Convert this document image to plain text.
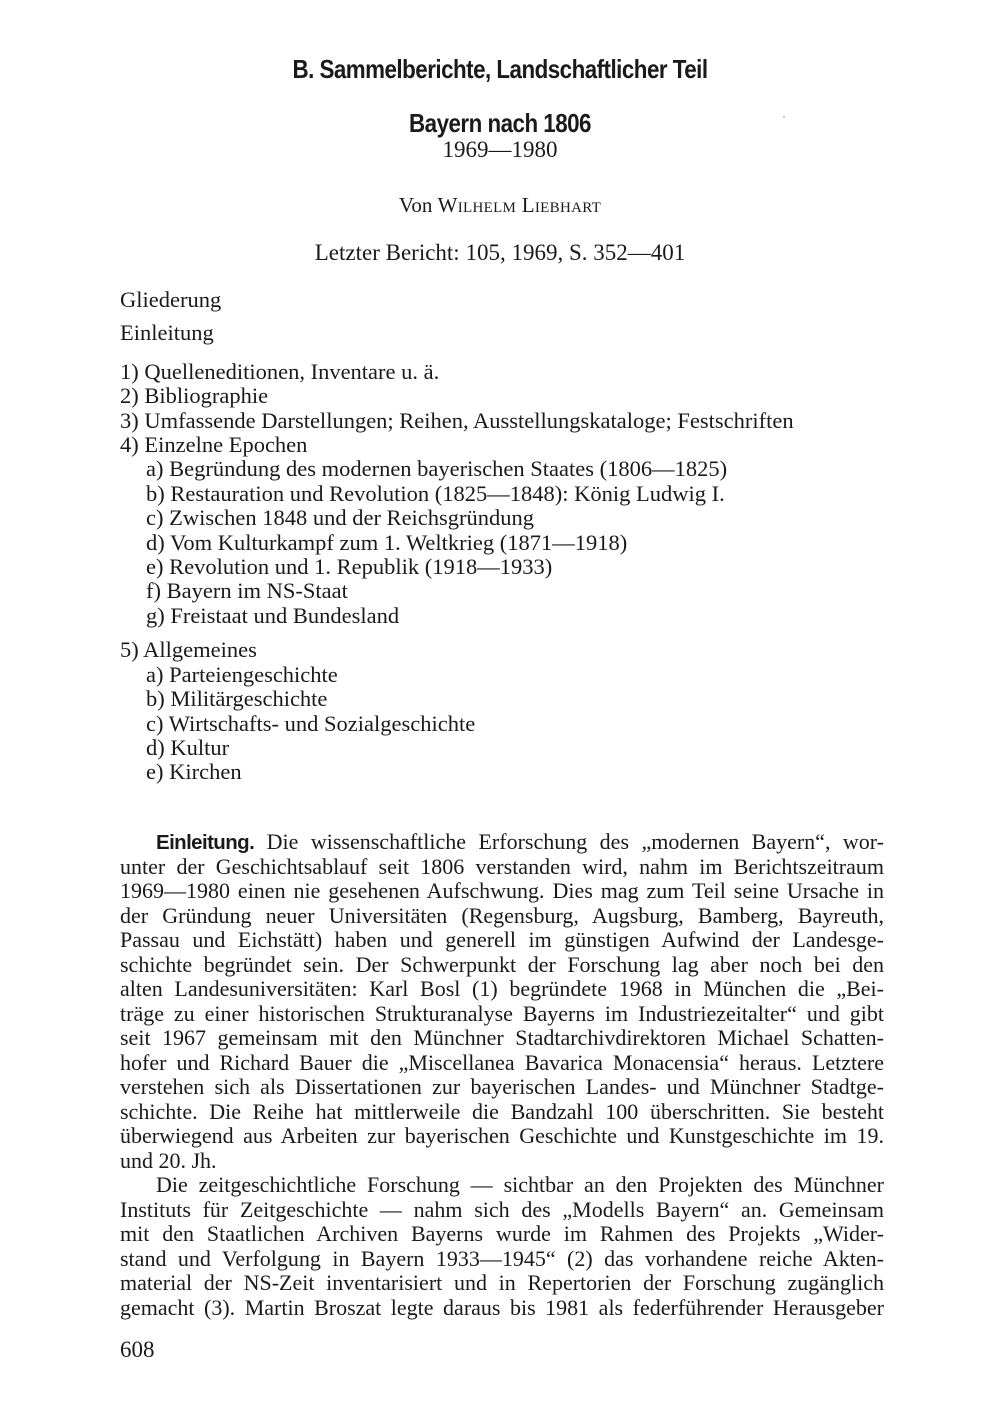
B. Sammelberichte, Landschaftlicher Teil
Bayern nach 1806
1969—1980
Von Wilhelm Liebhart
Letzter Bericht: 105, 1969, S. 352—401
Gliederung
Einleitung
1) Quelleneditionen, Inventare u. ä.
2) Bibliographie
3) Umfassende Darstellungen; Reihen, Ausstellungskataloge; Festschriften
4) Einzelne Epochen
a) Begründung des modernen bayerischen Staates (1806—1825)
b) Restauration und Revolution (1825—1848): König Ludwig I.
c) Zwischen 1848 und der Reichsgründung
d) Vom Kulturkampf zum 1. Weltkrieg (1871—1918)
e) Revolution und 1. Republik (1918—1933)
f) Bayern im NS-Staat
g) Freistaat und Bundesland
5) Allgemeines
a) Parteiengeschichte
b) Militärgeschichte
c) Wirtschafts- und Sozialgeschichte
d) Kultur
e) Kirchen
Einleitung. Die wissenschaftliche Erforschung des „modernen Bayern“, wor-
unter der Geschichtsablauf seit 1806 verstanden wird, nahm im Berichtszeitraum
1969—1980 einen nie gesehenen Aufschwung. Dies mag zum Teil seine Ursache in
der Gründung neuer Universitäten (Regensburg, Augsburg, Bamberg, Bayreuth,
Passau und Eichstätt) haben und generell im günstigen Aufwind der Landesge-
schichte begründet sein. Der Schwerpunkt der Forschung lag aber noch bei den
alten Landesuniversitäten: Karl Bosl (1) begründete 1968 in München die „Bei-
träge zu einer historischen Strukturanalyse Bayerns im Industriezeitalter“ und gibt
seit 1967 gemeinsam mit den Münchner Stadtarchivdirektoren Michael Schatten-
hofer und Richard Bauer die „Miscellanea Bavarica Monacensia“ heraus. Letztere
verstehen sich als Dissertationen zur bayerischen Landes- und Münchner Stadtge-
schichte. Die Reihe hat mittlerweile die Bandzahl 100 überschritten. Sie besteht
überwiegend aus Arbeiten zur bayerischen Geschichte und Kunstgeschichte im 19.
und 20. Jh.
Die zeitgeschichtliche Forschung — sichtbar an den Projekten des Münchner
Instituts für Zeitgeschichte — nahm sich des „Modells Bayern“ an. Gemeinsam
mit den Staatlichen Archiven Bayerns wurde im Rahmen des Projekts „Wider-
stand und Verfolgung in Bayern 1933—1945“ (2) das vorhandene reiche Akten-
material der NS-Zeit inventarisiert und in Repertorien der Forschung zugänglich
gemacht (3). Martin Broszat legte daraus bis 1981 als federführender Herausgeber
608
